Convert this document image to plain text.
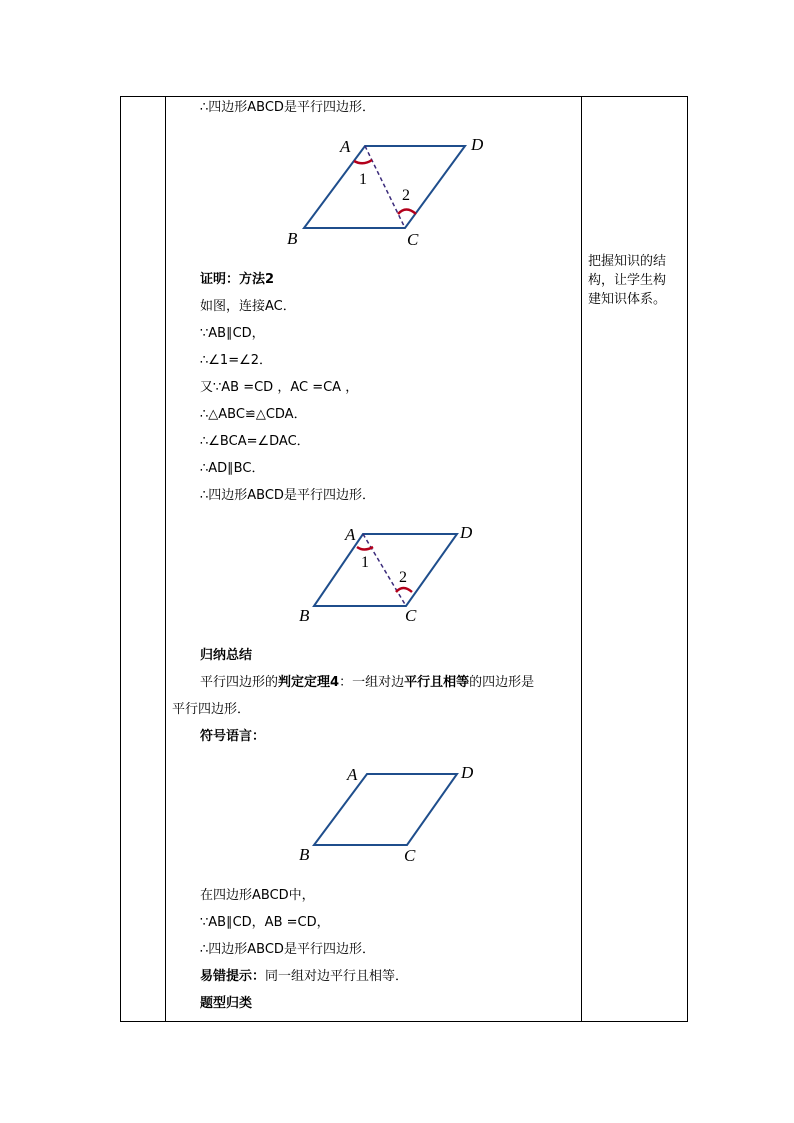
∴四边形ABCD是平行四边形．
A	D
B	C
1
2
证明：方法2
如图，连接AC．
∵AB∥CD，
∴∠1=∠2．
又∵AB =CD ，AC =CA ，
∴△ABC≌△CDA．
∴∠BCA=∠DAC．
∴AD∥BC．
∴四边形ABCD是平行四边形．
A	D
B	C
1
2
归纳总结
平行四边形的判定定理4：一组对边平行且相等的四边形是
平行四边形．
符号语言：
A	D
B	C
在四边形ABCD中，
∵AB∥CD，AB =CD，
∴四边形ABCD是平行四边形．
易错提示：同一组对边平行且相等．
题型归类
把握知识的结
构，让学生构
建知识体系。
